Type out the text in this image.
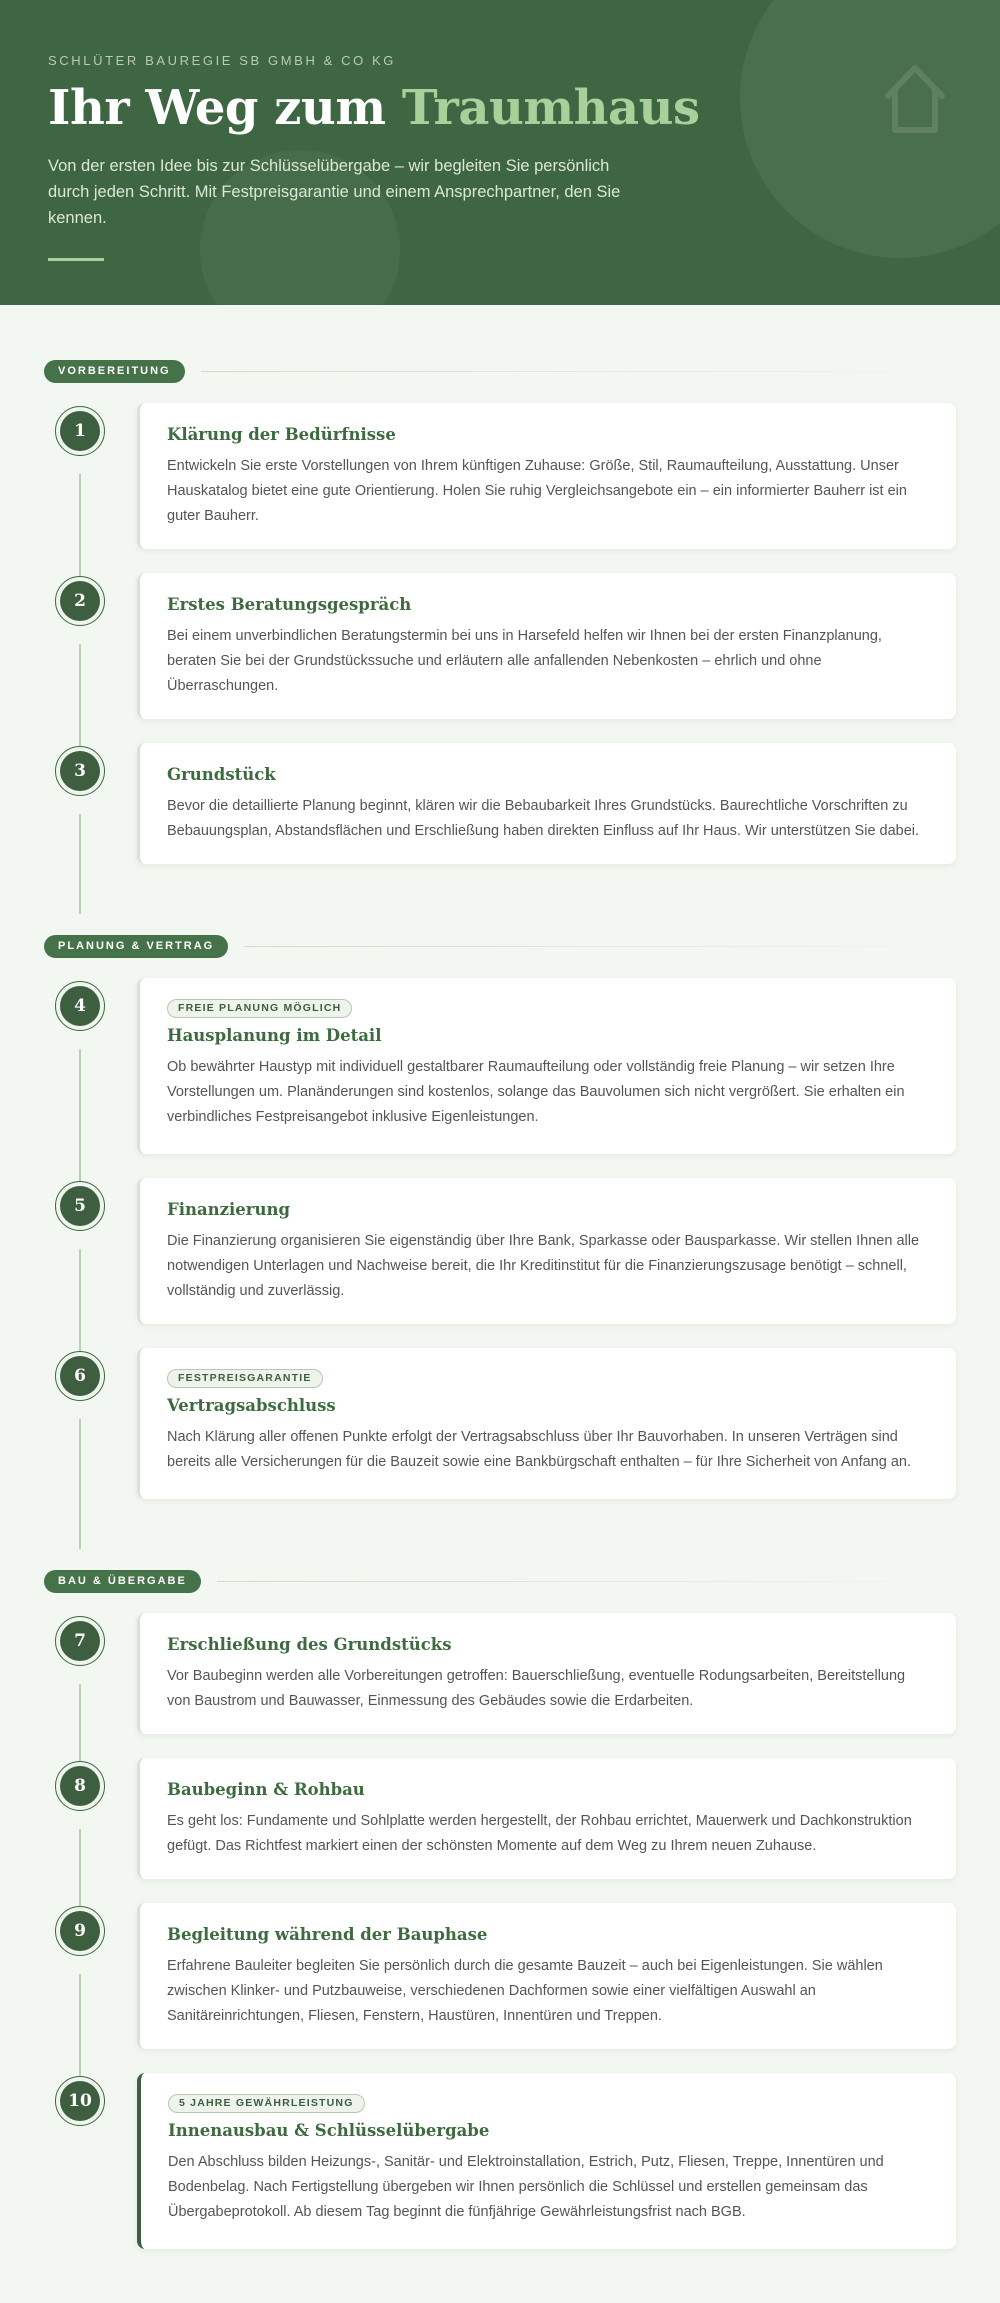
SCHLÜTER BAUREGIE SB GMBH & CO KG
Ihr Weg zum Traumhaus

Von der ersten Idee bis zur Schlüsselübergabe – wir begleiten Sie persönlich durch jeden Schritt. Mit Festpreisgarantie und einem Ansprechpartner, den Sie kennen.

VORBEREITUNG
PLANUNG & VERTRAG
BAU & ÜBERGABE
1	Klärung der Bedürfnisse

Entwickeln Sie erste Vorstellungen von Ihrem künftigen Zuhause: Größe, Stil, Raumaufteilung, Ausstattung. Unser Hauskatalog bietet eine gute Orientierung. Holen Sie ruhig Vergleichsangebote ein – ein informierter Bauherr ist ein guter Bauherr.

2	Erstes Beratungsgespräch

Bei einem unverbindlichen Beratungstermin bei uns in Harsefeld helfen wir Ihnen bei der ersten Finanzplanung, beraten Sie bei der Grundstückssuche und erläutern alle anfallenden Nebenkosten – ehrlich und ohne Überraschungen.

3	Grundstück

Bevor die detaillierte Planung beginnt, klären wir die Bebaubarkeit Ihres Grundstücks. Baurechtliche Vorschriften zu Bebauungsplan, Abstandsflächen und Erschließung haben direkten Einfluss auf Ihr Haus. Wir unterstützen Sie dabei.

4	FREIE PLANUNG MÖGLICH
Hausplanung im Detail

Ob bewährter Haustyp mit individuell gestaltbarer Raumaufteilung oder vollständig freie Planung – wir setzen Ihre Vorstellungen um. Planänderungen sind kostenlos, solange das Bauvolumen sich nicht vergrößert. Sie erhalten ein verbindliches Festpreisangebot inklusive Eigenleistungen.

5	Finanzierung

Die Finanzierung organisieren Sie eigenständig über Ihre Bank, Sparkasse oder Bausparkasse. Wir stellen Ihnen alle notwendigen Unterlagen und Nachweise bereit, die Ihr Kreditinstitut für die Finanzierungszusage benötigt – schnell, vollständig und zuverlässig.

6	FESTPREISGARANTIE
Vertragsabschluss

Nach Klärung aller offenen Punkte erfolgt der Vertragsabschluss über Ihr Bauvorhaben. In unseren Verträgen sind bereits alle Versicherungen für die Bauzeit sowie eine Bankbürgschaft enthalten – für Ihre Sicherheit von Anfang an.

7	Erschließung des Grundstücks

Vor Baubeginn werden alle Vorbereitungen getroffen: Bauerschließung, eventuelle Rodungsarbeiten, Bereitstellung von Baustrom und Bauwasser, Einmessung des Gebäudes sowie die Erdarbeiten.

8	Baubeginn & Rohbau

Es geht los: Fundamente und Sohlplatte werden hergestellt, der Rohbau errichtet, Mauerwerk und Dachkonstruktion gefügt. Das Richtfest markiert einen der schönsten Momente auf dem Weg zu Ihrem neuen Zuhause.

9	Begleitung während der Bauphase

Erfahrene Bauleiter begleiten Sie persönlich durch die gesamte Bauzeit – auch bei Eigenleistungen. Sie wählen zwischen Klinker- und Putzbauweise, verschiedenen Dachformen sowie einer vielfältigen Auswahl an Sanitäreinrichtungen, Fliesen, Fenstern, Haustüren, Innentüren und Treppen.

10	5 JAHRE GEWÄHRLEISTUNG
Innenausbau & Schlüsselübergabe

Den Abschluss bilden Heizungs-, Sanitär- und Elektroinstallation, Estrich, Putz, Fliesen, Treppe, Innentüren und Bodenbelag. Nach Fertigstellung übergeben wir Ihnen persönlich die Schlüssel und erstellen gemeinsam das Übergabeprotokoll. Ab diesem Tag beginnt die fünfjährige Gewährleistungsfrist nach BGB.
